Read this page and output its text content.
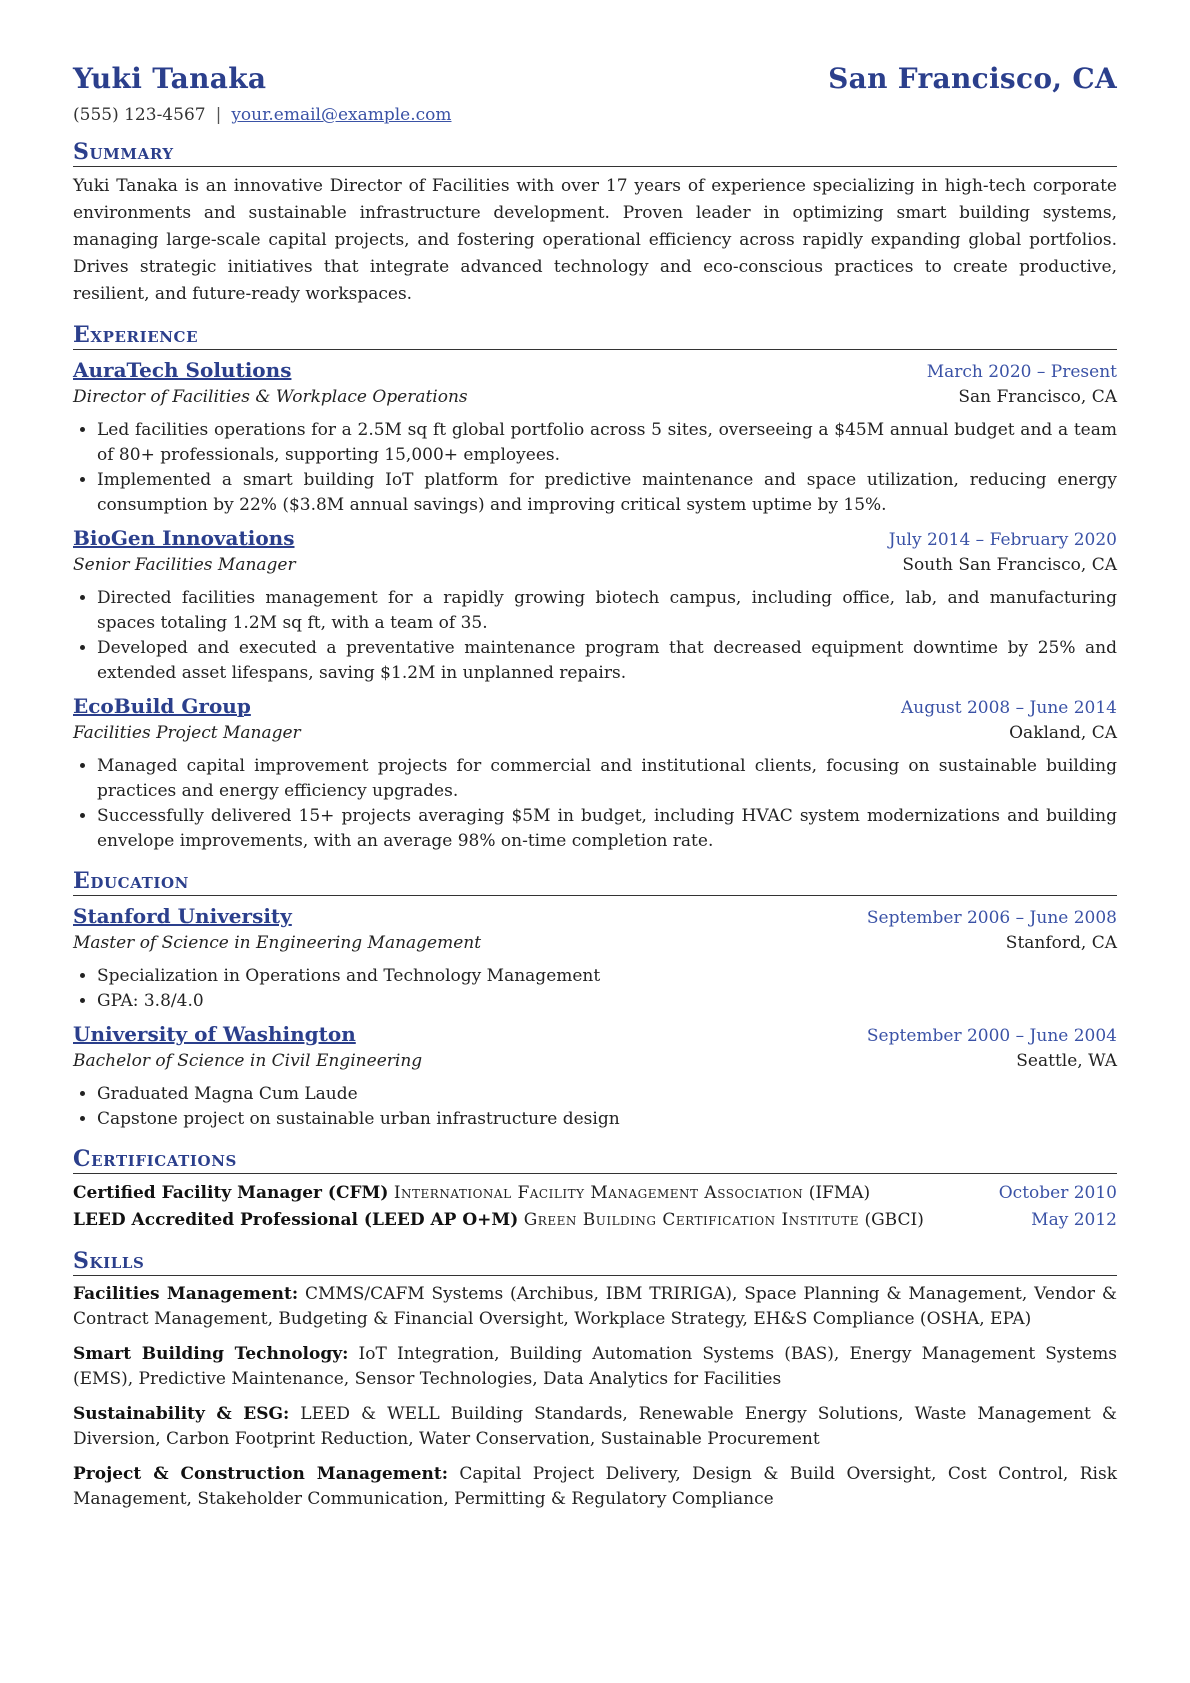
Yuki Tanaka	San Francisco, CA
(555) 123-4567 | your.email@example.com
Summary
Yuki Tanaka is an innovative Director of Facilities with over 17 years of experience specializing in high-tech corporate environments and sustainable infrastructure development. Proven leader in optimizing smart building systems, managing large-scale capital projects, and fostering operational efficiency across rapidly expanding global portfolios. Drives strategic initiatives that integrate advanced technology and eco-conscious practices to create productive, resilient, and future-ready workspaces.
Experience
AuraTech Solutions	March 2020 – Present
Director of Facilities & Workplace Operations	San Francisco, CA
• Led facilities operations for a 2.5M sq ft global portfolio across 5 sites, overseeing a $45M annual budget and a team of 80+ professionals, supporting 15,000+ employees.
• Implemented a smart building IoT platform for predictive maintenance and space utilization, reducing energy consumption by 22% ($3.8M annual savings) and improving critical system uptime by 15%.
BioGen Innovations	July 2014 – February 2020
Senior Facilities Manager	South San Francisco, CA
• Directed facilities management for a rapidly growing biotech campus, including office, lab, and manufacturing spaces totaling 1.2M sq ft, with a team of 35.
• Developed and executed a preventative maintenance program that decreased equipment downtime by 25% and extended asset lifespans, saving $1.2M in unplanned repairs.
EcoBuild Group	August 2008 – June 2014
Facilities Project Manager	Oakland, CA
• Managed capital improvement projects for commercial and institutional clients, focusing on sustainable building practices and energy efficiency upgrades.
• Successfully delivered 15+ projects averaging $5M in budget, including HVAC system modernizations and building envelope improvements, with an average 98% on-time completion rate.
Education
Stanford University	September 2006 – June 2008
Master of Science in Engineering Management	Stanford, CA
• Specialization in Operations and Technology Management
• GPA: 3.8/4.0
University of Washington	September 2000 – June 2004
Bachelor of Science in Civil Engineering	Seattle, WA
• Graduated Magna Cum Laude
• Capstone project on sustainable urban infrastructure design
Certifications
Certified Facility Manager (CFM) International Facility Management Association (IFMA)	October 2010
LEED Accredited Professional (LEED AP O+M) Green Building Certification Institute (GBCI)	May 2012
Skills
Facilities Management: CMMS/CAFM Systems (Archibus, IBM TRIRIGA), Space Planning & Management, Vendor & Contract Management, Budgeting & Financial Oversight, Workplace Strategy, EH&S Compliance (OSHA, EPA)
Smart Building Technology: IoT Integration, Building Automation Systems (BAS), Energy Management Systems (EMS), Predictive Maintenance, Sensor Technologies, Data Analytics for Facilities
Sustainability & ESG: LEED & WELL Building Standards, Renewable Energy Solutions, Waste Management & Diversion, Carbon Footprint Reduction, Water Conservation, Sustainable Procurement
Project & Construction Management: Capital Project Delivery, Design & Build Oversight, Cost Control, Risk Management, Stakeholder Communication, Permitting & Regulatory Compliance
